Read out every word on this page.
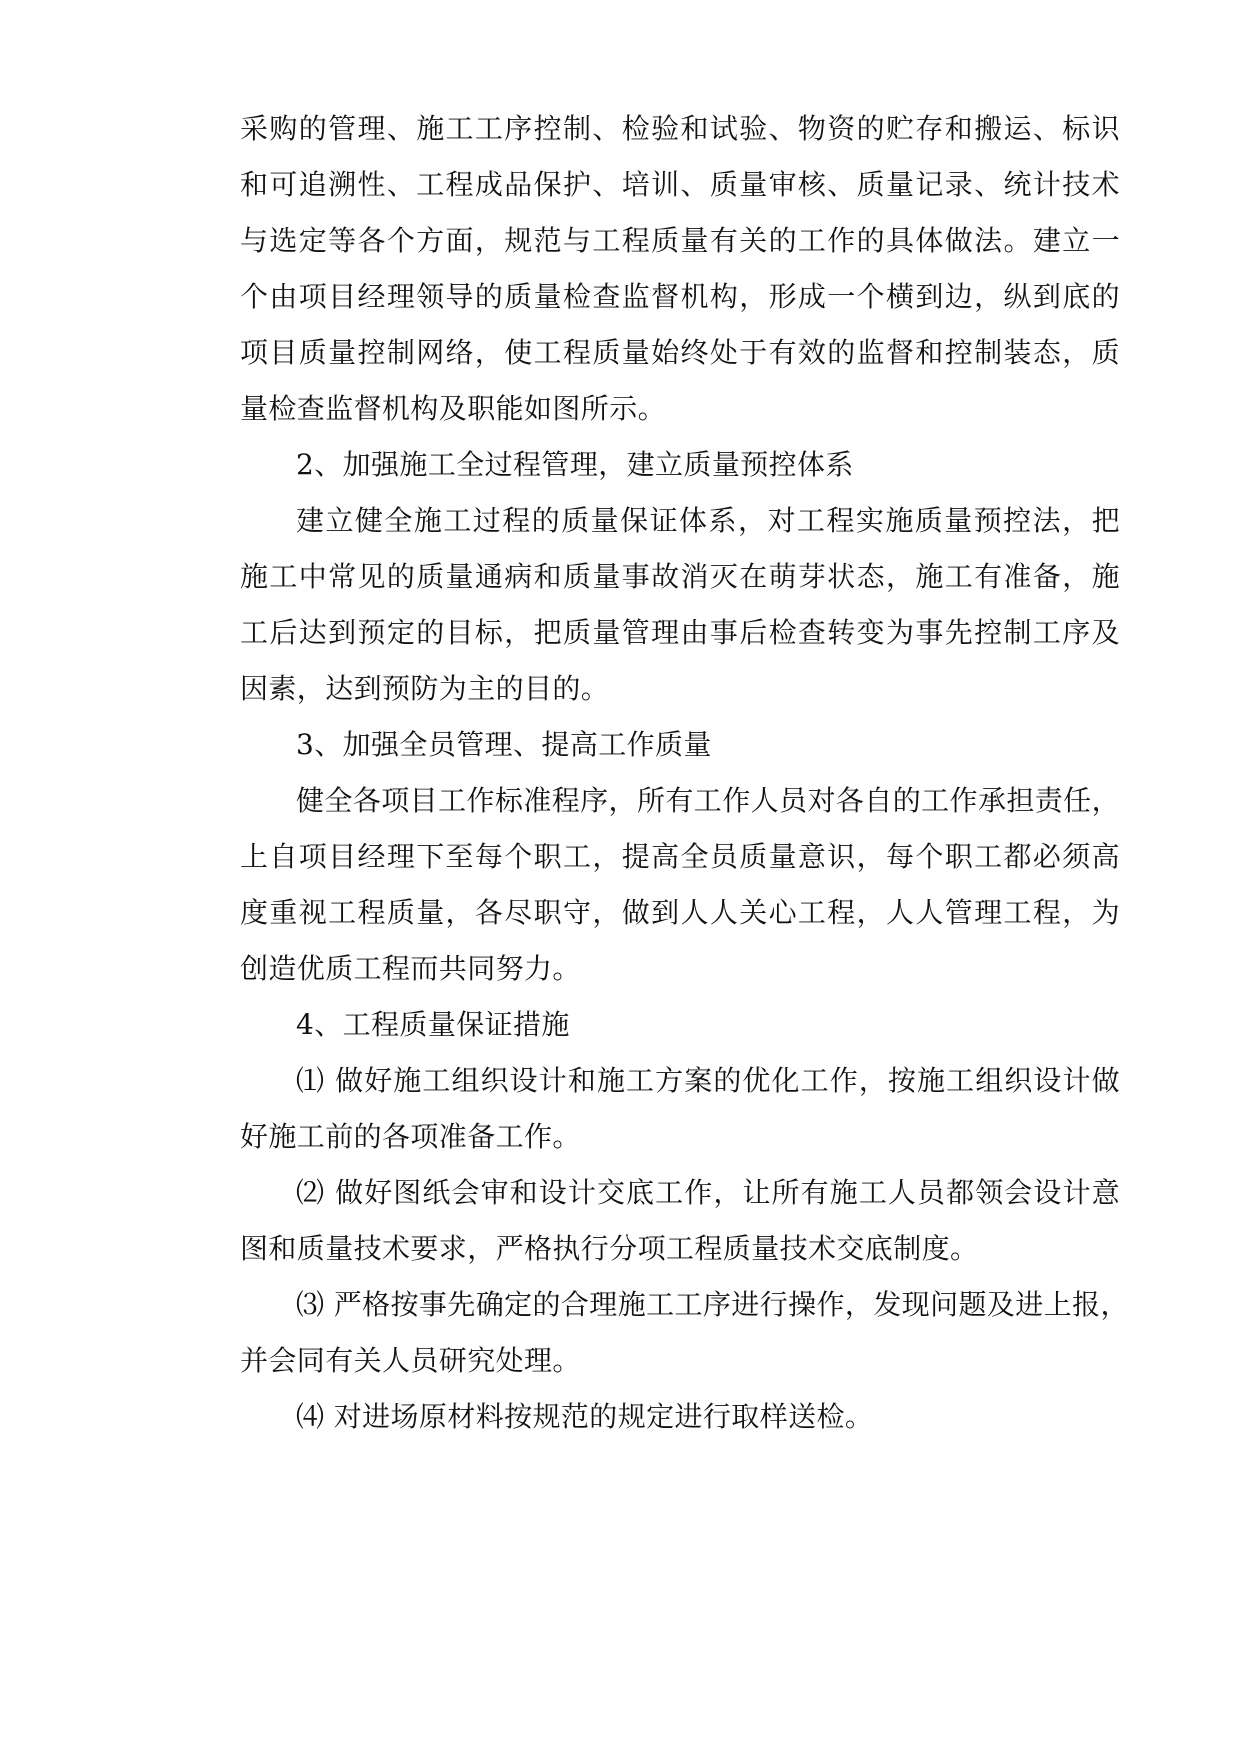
采购的管理、施工工序控制、检验和试验、物资的贮存和搬运、标识
和可追溯性、工程成品保护、培训、质量审核、质量记录、统计技术
与选定等各个方面，规范与工程质量有关的工作的具体做法。建立一
个由项目经理领导的质量检查监督机构，形成一个横到边，纵到底的
项目质量控制网络，使工程质量始终处于有效的监督和控制装态，质
量检查监督机构及职能如图所示。
2、加强施工全过程管理，建立质量预控体系
建立健全施工过程的质量保证体系，对工程实施质量预控法，把
施工中常见的质量通病和质量事故消灭在萌芽状态，施工有准备，施
工后达到预定的目标，把质量管理由事后检查转变为事先控制工序及
因素，达到预防为主的目的。
3、加强全员管理、提高工作质量
健全各项目工作标准程序，所有工作人员对各自的工作承担责任，
上自项目经理下至每个职工，提高全员质量意识，每个职工都必须高
度重视工程质量，各尽职守，做到人人关心工程，人人管理工程，为
创造优质工程而共同努力。
4、工程质量保证措施
⑴ 做好施工组织设计和施工方案的优化工作，按施工组织设计做
好施工前的各项准备工作。
⑵ 做好图纸会审和设计交底工作，让所有施工人员都领会设计意
图和质量技术要求，严格执行分项工程质量技术交底制度。
⑶ 严格按事先确定的合理施工工序进行操作，发现问题及进上报，
并会同有关人员研究处理。
⑷ 对进场原材料按规范的规定进行取样送检。
